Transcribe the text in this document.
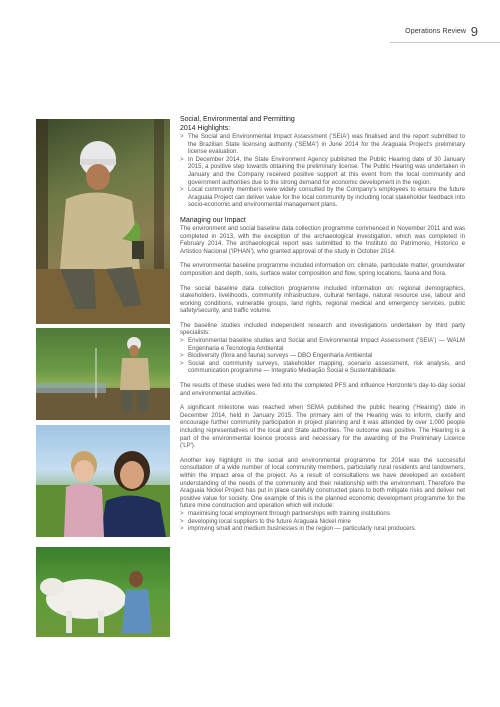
Operations Review 9
Social, Environmental and Permitting
2014 Highlights:
> The Social and Environmental Impact Assessment ('SEIA') was finalised and the report submitted to the Brazilian State licensing authority ('SEMA') in June 2014 for the Araguaia Project's preliminary license evaluation.
> In December 2014, the State Environment Agency published the Public Hearing date of 30 January 2015, a positive step towards obtaining the preliminary license. The Public Hearing was undertaken in January and the Company received positive support at this event from the local community and government authorities due to the strong demand for economic development in the region.
> Local community members were widely consulted by the Company's employees to ensure the future Araguaia Project can deliver value for the local community by including local stakeholder feedback into socio-economic and environmental management plans.
Managing our Impact

The environment and social baseline data collection programme commenced in November 2011 and was completed in 2013, with the exception of the archaeological investigation, which was completed in February 2014. The archaeological report was submitted to the Instituto do Patrimonio, Historico e Artistico Nacional ('IPHAN'), who granted approval of the study in October 2014.

The environmental baseline programme included information on: climate, particulate matter, groundwater composition and depth, soils, surface water composition and flow, spring locations, fauna and flora.

The social baseline data collection programme included information on: regional demographics, stakeholders, livelihoods, community infrastructure, cultural heritage, natural resource use, labour and working conditions, vulnerable groups, land rights, regional medical and emergency services, public safety/security, and traffic volume.

The baseline studies included independent research and investigations undertaken by third party specialists:

> Environmental baseline studies and Social and Environmental Impact Assessment ('SEIA') — WALM Engenharia e Tecnologia Ambiental
> Biodiversity (flora and fauna) surveys — DBO Engenharia Ambiental
> Social and community surveys, stakeholder mapping, scenario assessment, risk analysis, and communication programme — Integratio Mediação Social e Sustentabilidade.

The results of these studies were fed into the completed PFS and influence Horizonte's day-to-day social and environmental activities.

A significant milestone was reached when SEMA published the public hearing ('Hearing') date in December 2014, held in January 2015. The primary aim of the Hearing was to inform, clarify and encourage further community participation in project planning and it was attended by over 1,000 people including representatives of the local and State authorities. The outcome was positive. The Hearing is a part of the environmental licence process and necessary for the awarding of the Preliminary Licence ('LP').

Another key highlight in the social and environmental programme for 2014 was the successful consultation of a wide number of local community members, particularly rural residents and landowners, within the impact area of the project. As a result of consultations we have developed an excellent understanding of the needs of the community and their relationship with the environment. Therefore the Araguaia Nickel Project has put in place carefully constructed plans to both mitigate risks and deliver net positive value for society. One example of this is the planned economic development programme for the future mine construction and operation which will include:

> maximising local employment through partnerships with training institutions
> developing local suppliers to the future Araguaia Nickel mine
> improving small and medium businesses in the region — particularly rural producers.
